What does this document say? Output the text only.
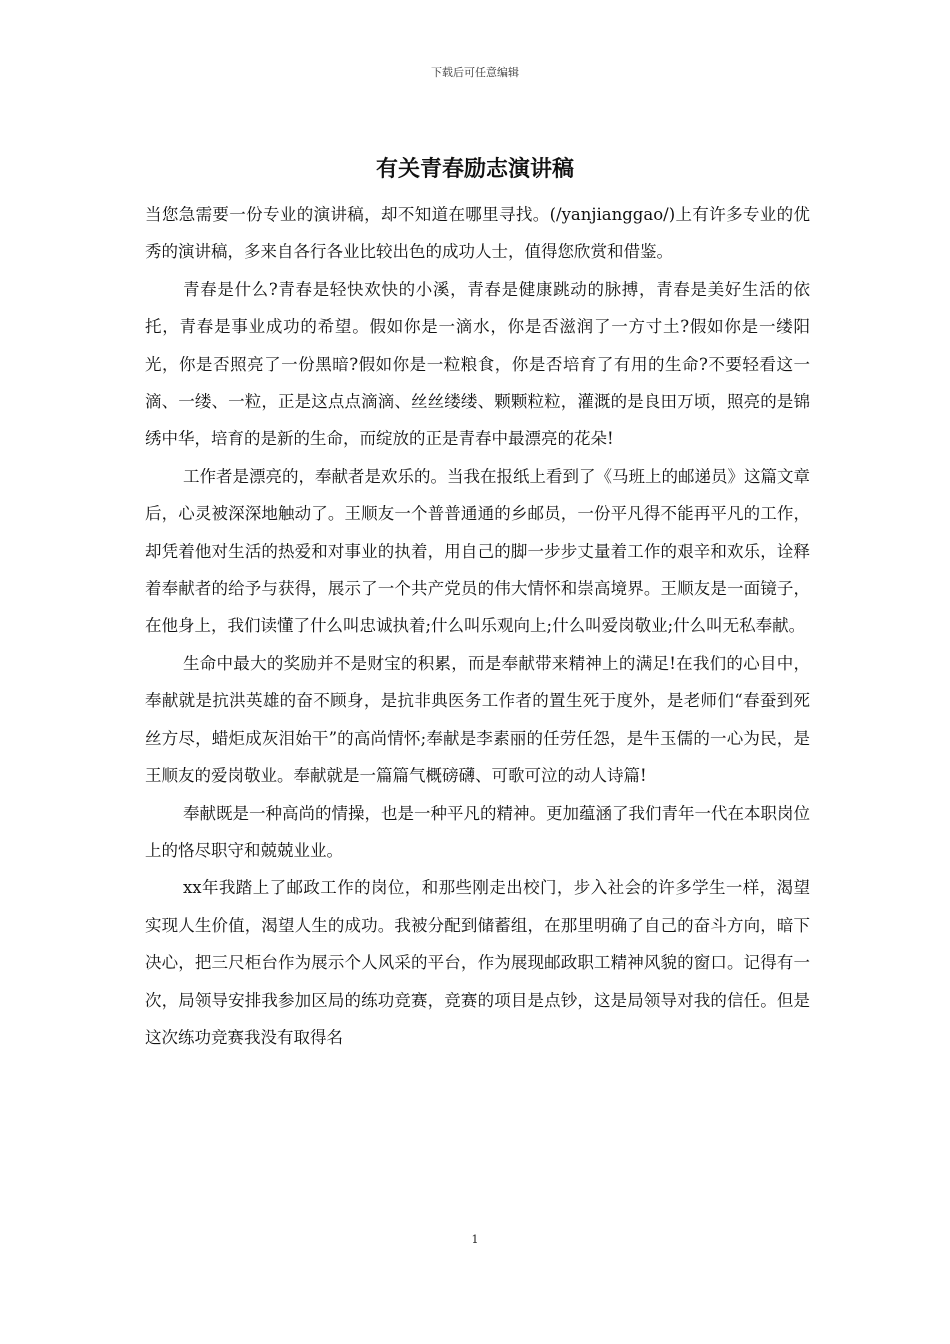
下载后可任意编辑
有关青春励志演讲稿

当您急需要一份专业的演讲稿，却不知道在哪里寻找。(/yanjianggao/)上有许多专业的优秀的演讲稿，多来自各行各业比较出色的成功人士，值得您欣赏和借鉴。

青春是什么?青春是轻快欢快的小溪，青春是健康跳动的脉搏，青春是美好生活的依托，青春是事业成功的希望。假如你是一滴水，你是否滋润了一方寸土?假如你是一缕阳光，你是否照亮了一份黑暗?假如你是一粒粮食，你是否培育了有用的生命?不要轻看这一滴、一缕、一粒，正是这点点滴滴、丝丝缕缕、颗颗粒粒，灌溉的是良田万顷，照亮的是锦绣中华，培育的是新的生命，而绽放的正是青春中最漂亮的花朵!

工作者是漂亮的，奉献者是欢乐的。当我在报纸上看到了《马班上的邮递员》这篇文章后，心灵被深深地触动了。王顺友一个普普通通的乡邮员，一份平凡得不能再平凡的工作，却凭着他对生活的热爱和对事业的执着，用自己的脚一步步丈量着工作的艰辛和欢乐，诠释着奉献者的给予与获得，展示了一个共产党员的伟大情怀和崇高境界。王顺友是一面镜子，在他身上，我们读懂了什么叫忠诚执着;什么叫乐观向上;什么叫爱岗敬业;什么叫无私奉献。

生命中最大的奖励并不是财宝的积累，而是奉献带来精神上的满足!在我们的心目中，奉献就是抗洪英雄的奋不顾身，是抗非典医务工作者的置生死于度外，是老师们“春蚕到死丝方尽，蜡炬成灰泪始干”的高尚情怀;奉献是李素丽的任劳任怨，是牛玉儒的一心为民，是王顺友的爱岗敬业。奉献就是一篇篇气概磅礴、可歌可泣的动人诗篇!

奉献既是一种高尚的情操，也是一种平凡的精神。更加蕴涵了我们青年一代在本职岗位上的恪尽职守和兢兢业业。

xx年我踏上了邮政工作的岗位，和那些刚走出校门，步入社会的许多学生一样，渴望实现人生价值，渴望人生的成功。我被分配到储蓄组，在那里明确了自己的奋斗方向，暗下决心，把三尺柜台作为展示个人风采的平台，作为展现邮政职工精神风貌的窗口。记得有一次，局领导安排我参加区局的练功竞赛，竞赛的项目是点钞，这是局领导对我的信任。但是这次练功竞赛我没有取得名

1
